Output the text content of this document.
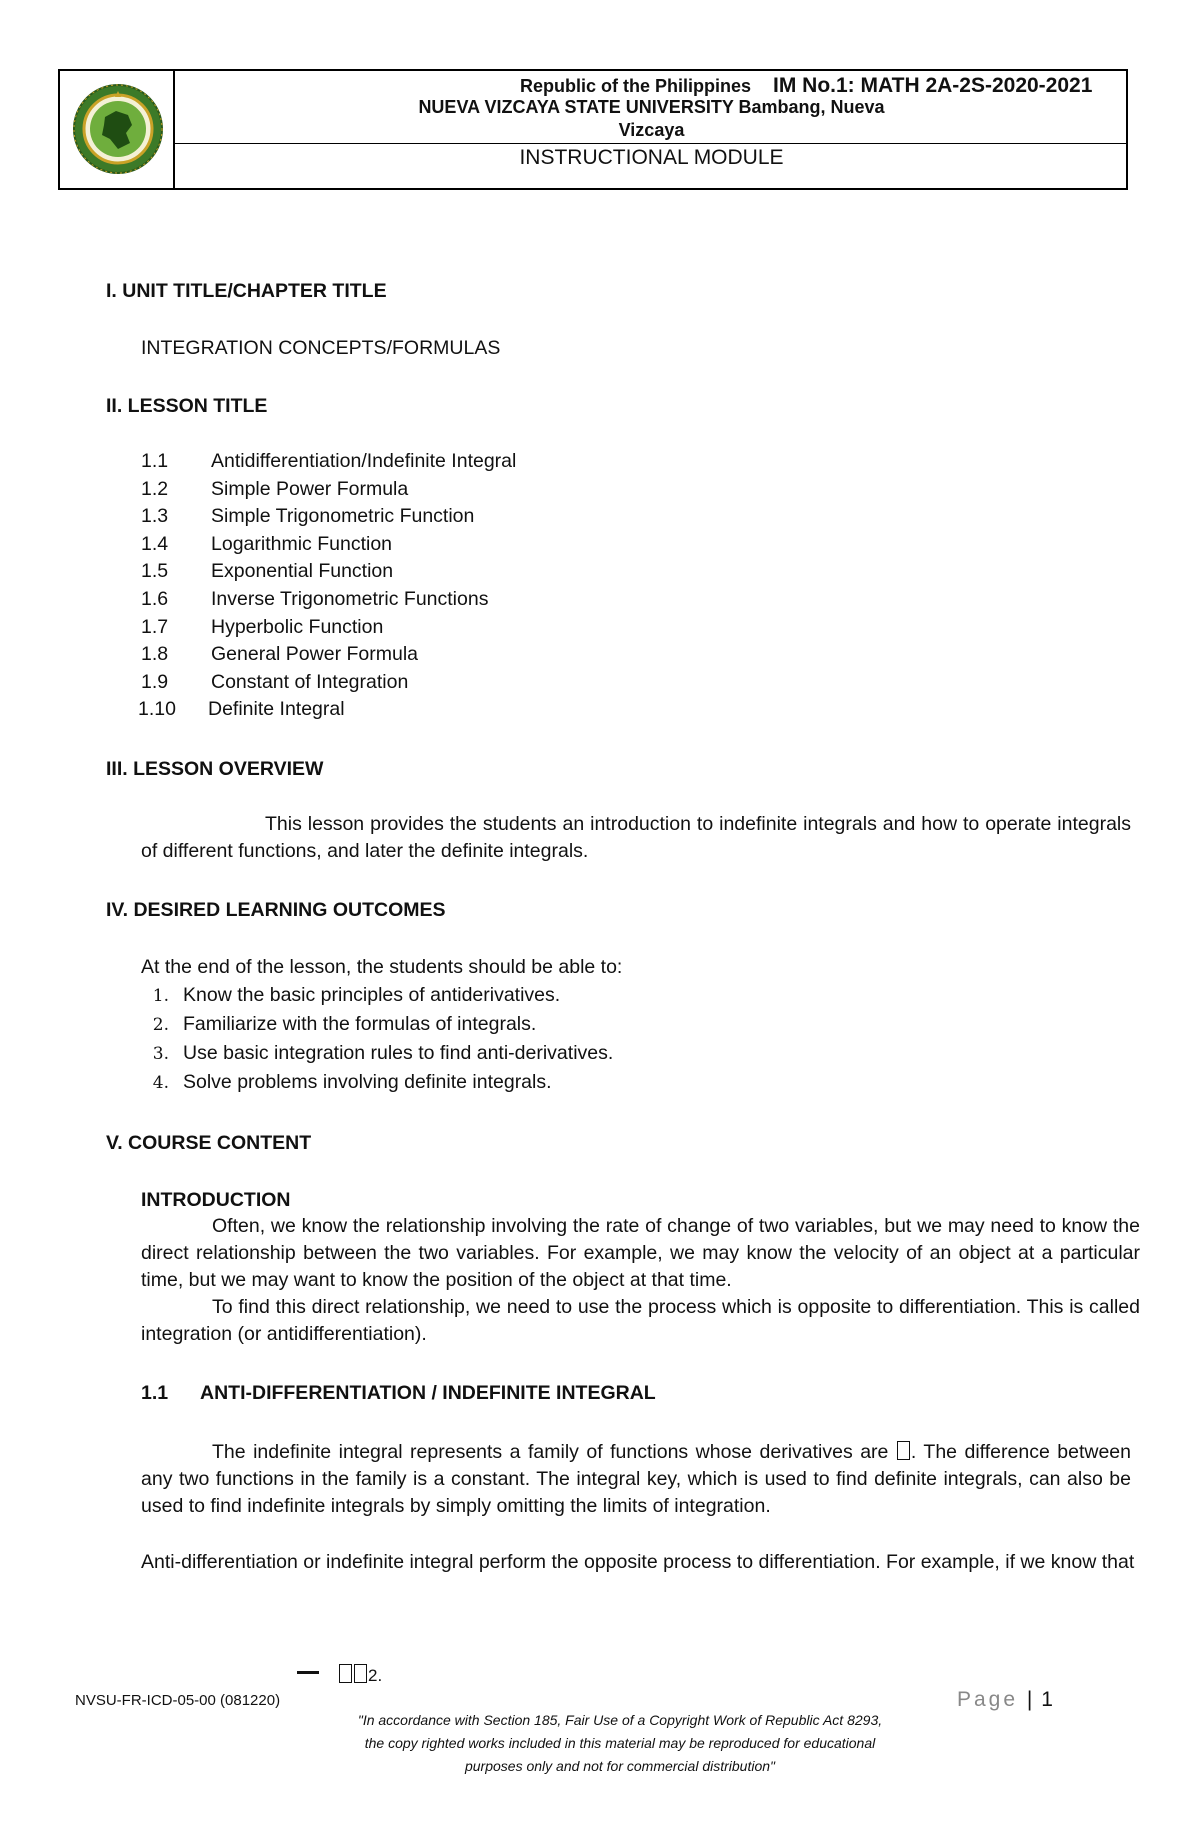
Republic of the Philippines IM No.1: MATH 2A-2S-2020-2021
NUEVA VIZCAYA STATE UNIVERSITY Bambang, Nueva
Vizcaya
INSTRUCTIONAL MODULE
I. UNIT TITLE/CHAPTER TITLE
INTEGRATION CONCEPTS/FORMULAS
II. LESSON TITLE
1.1 Antidifferentiation/Indefinite Integral
1.2 Simple Power Formula
1.3 Simple Trigonometric Function
1.4 Logarithmic Function
1.5 Exponential Function
1.6 Inverse Trigonometric Functions
1.7 Hyperbolic Function
1.8 General Power Formula
1.9 Constant of Integration
1.10 Definite Integral
III. LESSON OVERVIEW
This lesson provides the students an introduction to indefinite integrals and how to operate integrals of different functions, and later the definite integrals.
IV. DESIRED LEARNING OUTCOMES
At the end of the lesson, the students should be able to:
1. Know the basic principles of antiderivatives.
2. Familiarize with the formulas of integrals.
3. Use basic integration rules to find anti-derivatives.
4. Solve problems involving definite integrals.
V. COURSE CONTENT
INTRODUCTION
Often, we know the relationship involving the rate of change of two variables, but we may need to know the direct relationship between the two variables. For example, we may know the velocity of an object at a particular time, but we may want to know the position of the object at that time.
To find this direct relationship, we need to use the process which is opposite to differentiation. This is called integration (or antidifferentiation).
1.1 ANTI-DIFFERENTIATION / INDEFINITE INTEGRAL
The indefinite integral represents a family of functions whose derivatives are . The difference between any two functions in the family is a constant. The integral key, which is used to find definite integrals, can also be used to find indefinite integrals by simply omitting the limits of integration.
Anti-differentiation or indefinite integral perform the opposite process to differentiation. For example, if we know that
2.
NVSU-FR-ICD-05-00 (081220)	Page | 1
"In accordance with Section 185, Fair Use of a Copyright Work of Republic Act 8293,
the copy righted works included in this material may be reproduced for educational
purposes only and not for commercial distribution"
